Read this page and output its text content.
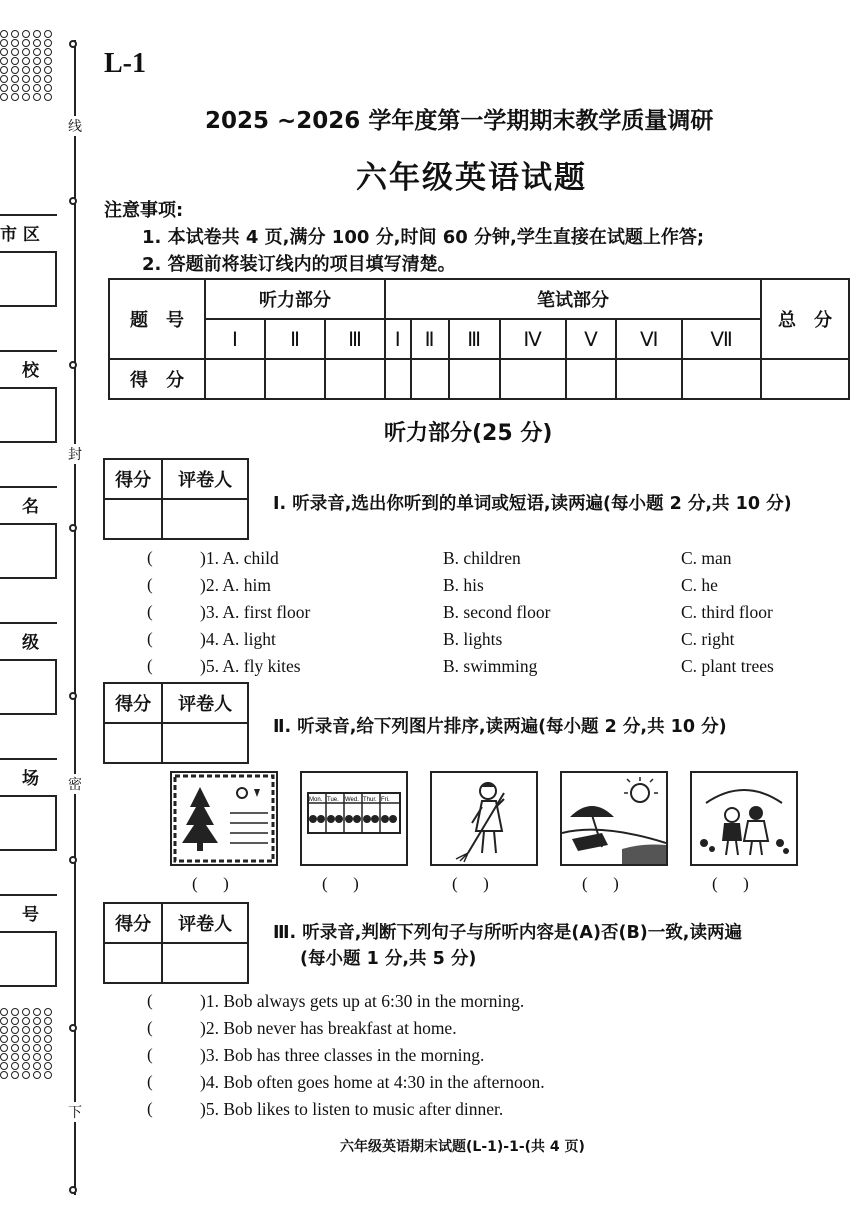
线
封
密
下
市 区
校
名
级
场
号
L-1
2025 ~2026 学年度第一学期期末教学质量调研
六年级英语试题
注意事项:
1. 本试卷共 4 页,满分 100 分,时间 60 分钟,学生直接在试题上作答;
2. 答题前将装订线内的项目填写清楚。
题　号	听力部分			笔试部分							总　分
	Ⅰ	Ⅱ	Ⅲ	Ⅰ	Ⅱ	Ⅲ	Ⅳ	Ⅴ	Ⅵ	Ⅶ	
得　分											
听力部分(25 分)
得分	评卷人

Ⅰ. 听录音,选出你听到的单词或短语,读两遍(每小题 2 分,共 10 分)
(	)1. A. child	B. children	C. man
(	)2. A. him	B. his	C. he
(	)3. A. first floor	B. second floor	C. third floor
(	)4. A. light	B. lights	C. right
(	)5. A. fly kites	B. swimming	C. plant trees
得分	评卷人

Ⅱ. 听录音,给下列图片排序,读两遍(每小题 2 分,共 10 分)
Mon. Tue. Wed. Thur. Fri.
(      )	(      )	(      )	(      )	(      )
得分	评卷人
	Ⅲ. 听录音,判断下列句子与所听内容是(A)否(B)一致,读两遍
(每小题 1 分,共 5 分)
(	)1. Bob always gets up at 6:30 in the morning.
(	)2. Bob never has breakfast at home.
(	)3. Bob has three classes in the morning.
(	)4. Bob often goes home at 4:30 in the afternoon.
(	)5. Bob likes to listen to music after dinner.
六年级英语期末试题(L-1)-1-(共 4 页)
